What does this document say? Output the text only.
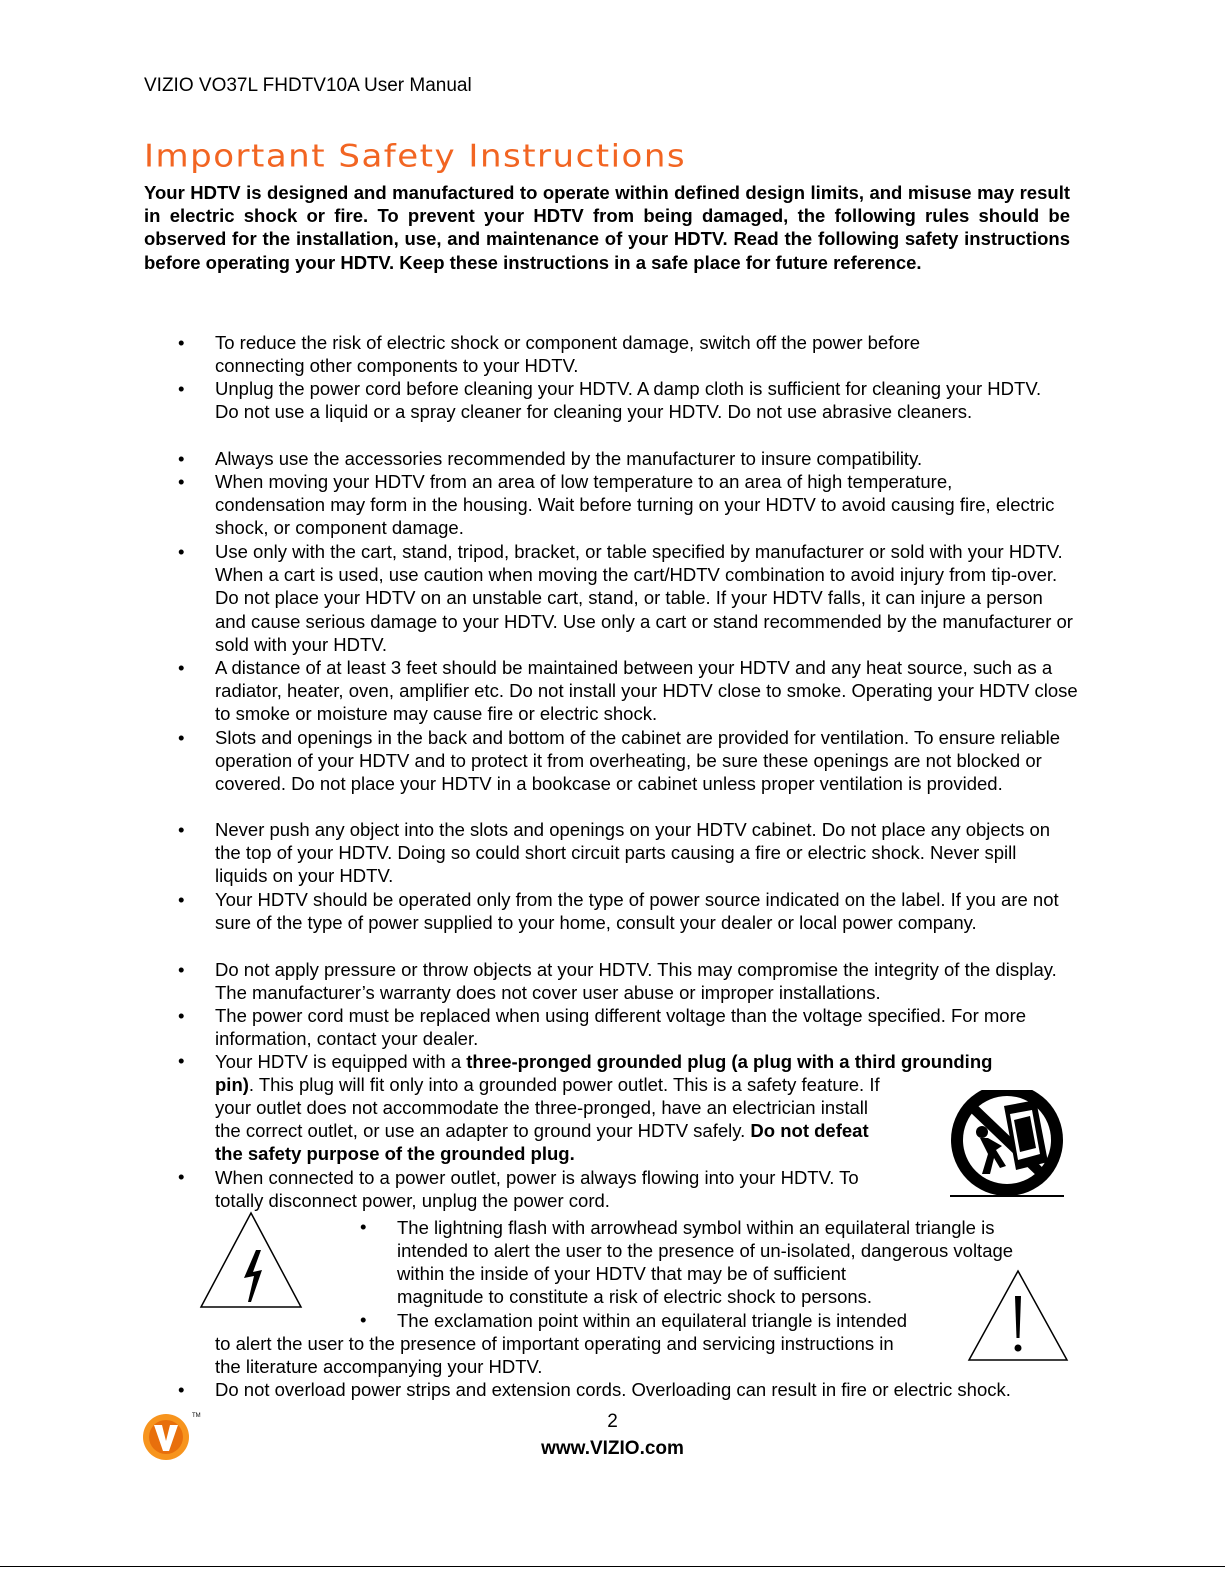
VIZIO VO37L FHDTV10A User Manual
Important Safety Instructions

Your HDTV is designed and manufactured to operate within defined design limits, and misuse may result in electric shock or fire. To prevent your HDTV from being damaged, the following rules should be observed for the installation, use, and maintenance of your HDTV. Read the following safety instructions before operating your HDTV. Keep these instructions in a safe place for future reference.

• To reduce the risk of electric shock or component damage, switch off the power before connecting other components to your HDTV.
• Unplug the power cord before cleaning your HDTV. A damp cloth is sufficient for cleaning your HDTV. Do not use a liquid or a spray cleaner for cleaning your HDTV. Do not use abrasive cleaners.
• Always use the accessories recommended by the manufacturer to insure compatibility.
• When moving your HDTV from an area of low temperature to an area of high temperature, condensation may form in the housing. Wait before turning on your HDTV to avoid causing fire, electric shock, or component damage.
• Use only with the cart, stand, tripod, bracket, or table specified by manufacturer or sold with your HDTV. When a cart is used, use caution when moving the cart/HDTV combination to avoid injury from tip-over. Do not place your HDTV on an unstable cart, stand, or table. If your HDTV falls, it can injure a person and cause serious damage to your HDTV. Use only a cart or stand recommended by the manufacturer or sold with your HDTV.
• A distance of at least 3 feet should be maintained between your HDTV and any heat source, such as a radiator, heater, oven, amplifier etc. Do not install your HDTV close to smoke. Operating your HDTV close to smoke or moisture may cause fire or electric shock.
• Slots and openings in the back and bottom of the cabinet are provided for ventilation. To ensure reliable operation of your HDTV and to protect it from overheating, be sure these openings are not blocked or covered. Do not place your HDTV in a bookcase or cabinet unless proper ventilation is provided.
• Never push any object into the slots and openings on your HDTV cabinet. Do not place any objects on the top of your HDTV. Doing so could short circuit parts causing a fire or electric shock. Never spill liquids on your HDTV.
• Your HDTV should be operated only from the type of power source indicated on the label. If you are not sure of the type of power supplied to your home, consult your dealer or local power company.
• Do not apply pressure or throw objects at your HDTV. This may compromise the integrity of the display. The manufacturer’s warranty does not cover user abuse or improper installations.
• The power cord must be replaced when using different voltage than the voltage specified. For more information, contact your dealer.
• Your HDTV is equipped with a three-pronged grounded plug (a plug with a third grounding
pin). This plug will fit only into a grounded power outlet. This is a safety feature. If
your outlet does not accommodate the three-pronged, have an electrician install
the correct outlet, or use an adapter to ground your HDTV safely. Do not defeat
the safety purpose of the grounded plug.
• When connected to a power outlet, power is always flowing into your HDTV. To
totally disconnect power, unplug the power cord.
• The lightning flash with arrowhead symbol within an equilateral triangle is
intended to alert the user to the presence of un-isolated, dangerous voltage
within the inside of your HDTV that may be of sufficient
magnitude to constitute a risk of electric shock to persons.
• The exclamation point within an equilateral triangle is intended
to alert the user to the presence of important operating and servicing instructions in
the literature accompanying your HDTV.
• Do not overload power strips and extension cords. Overloading can result in fire or electric shock.
TM	2
www.VIZIO.com
